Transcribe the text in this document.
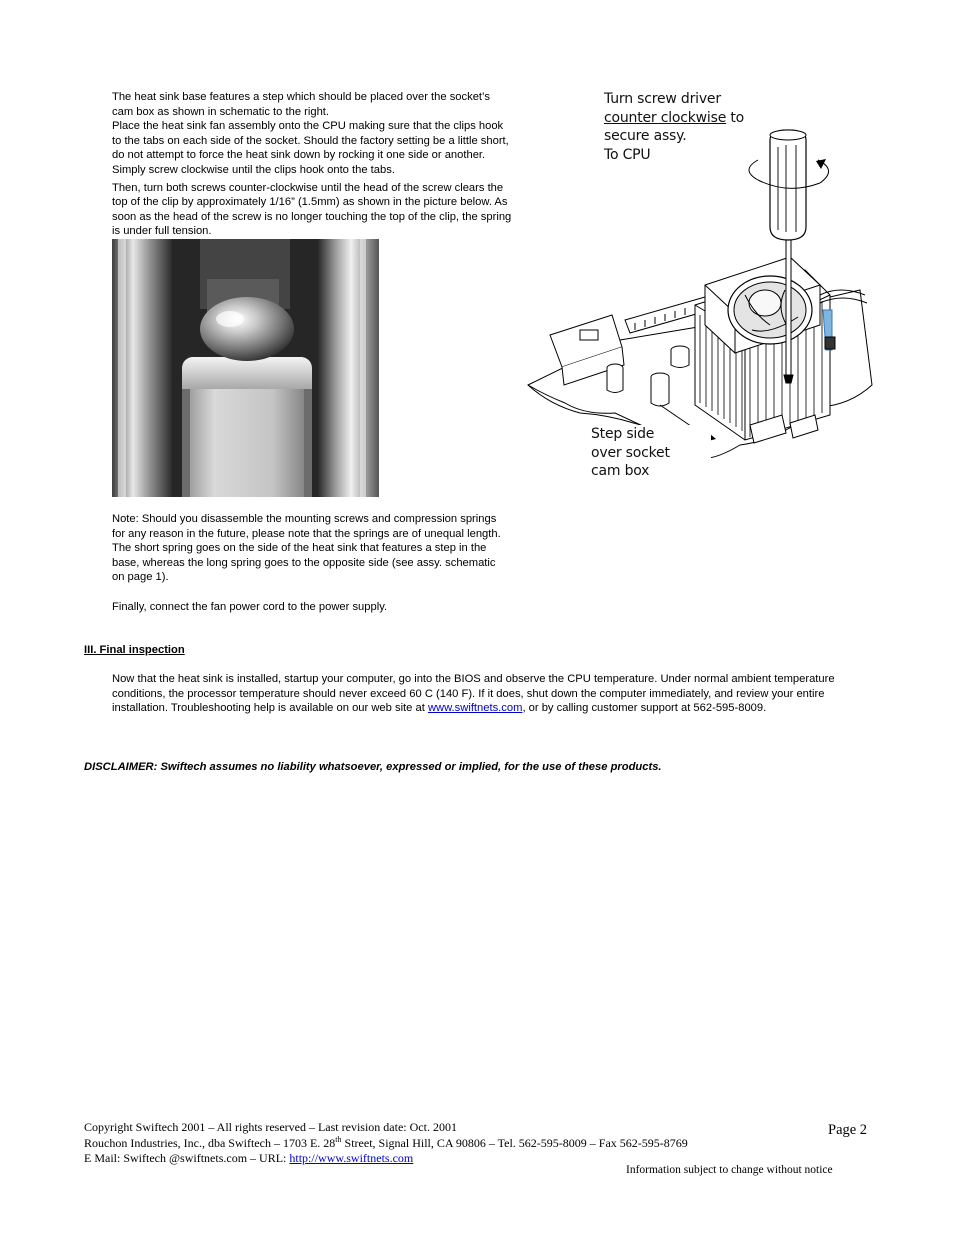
The heat sink base features a step which should be placed over the socket’s cam box as shown in schematic to the right.

Place the heat sink fan assembly onto the CPU making sure that the clips hook to the tabs on each side of the socket. Should the factory setting be a little short, do not attempt to force the heat sink down by rocking it one side or another. Simply screw clockwise until the clips hook onto the tabs.

Then, turn both screws counter-clockwise until the head of the screw clears the top of the clip by approximately 1/16” (1.5mm) as shown in the picture below. As soon as the head of the screw is no longer touching the top of the clip, the spring is under full tension.

Turn screw driver
counter clockwise to
secure assy.
To CPU
Step side
over socket
cam box

Note: Should you disassemble the mounting screws and compression springs for any reason in the future, please note that the springs are of unequal length. The short spring goes on the side of the heat sink that features a step in the base, whereas the long spring goes to the opposite side (see assy. schematic on page 1).

Finally, connect the fan power cord to the power supply.

III. Final inspection

Now that the heat sink is installed, startup your computer, go into the BIOS and observe the CPU temperature. Under normal ambient temperature conditions, the processor temperature should never exceed 60 C (140 F). If it does, shut down the computer immediately, and review your entire installation. Troubleshooting help is available on our web site at www.swiftnets.com, or by calling customer support at 562-595-8009.

DISCLAIMER: Swiftech assumes no liability whatsoever, expressed or implied, for the use of these products.
Copyright Swiftech 2001 – All rights reserved – Last revision date: Oct. 2001
Rouchon Industries, Inc., dba Swiftech – 1703 E. 28th Street, Signal Hill, CA 90806 – Tel. 562-595-8009 – Fax 562-595-8769
E Mail: Swiftech @swiftnets.com – URL: http://www.swiftnets.com
Page 2
Information subject to change without notice
